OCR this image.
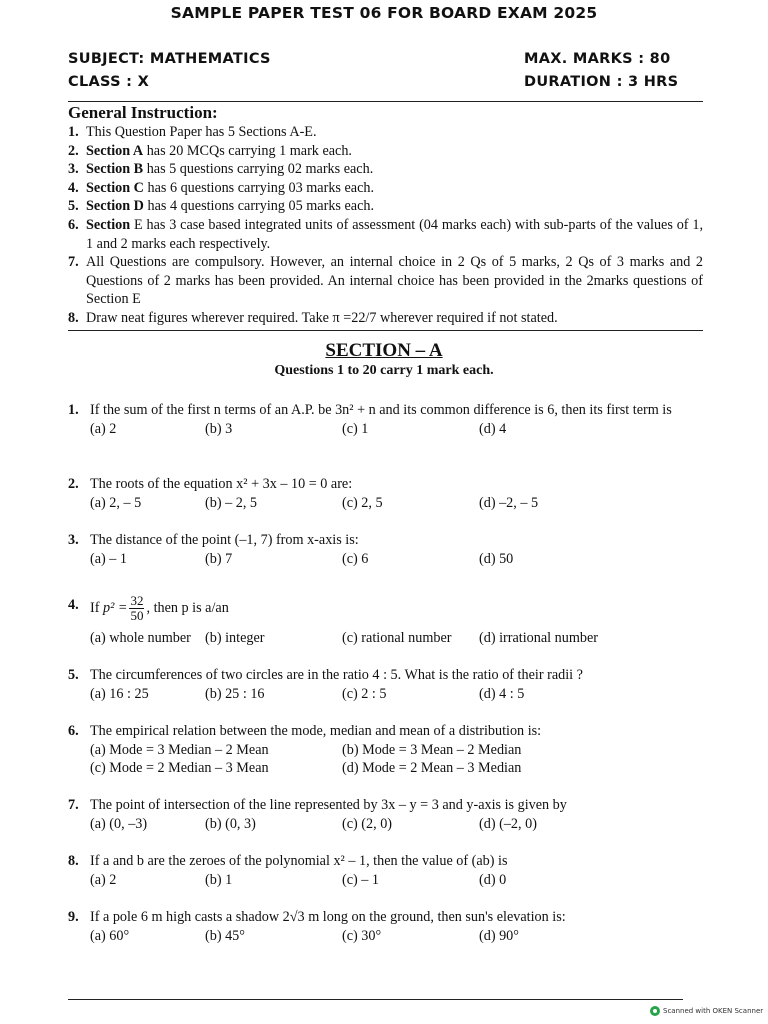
SAMPLE PAPER TEST 06 FOR BOARD EXAM 2025
SUBJECT: MATHEMATICS	MAX. MARKS : 80
CLASS : X	DURATION : 3 HRS
General Instruction:
1. This Question Paper has 5 Sections A-E.
2. Section A has 20 MCQs carrying 1 mark each.
3. Section B has 5 questions carrying 02 marks each.
4. Section C has 6 questions carrying 03 marks each.
5. Section D has 4 questions carrying 05 marks each.
6. Section E has 3 case based integrated units of assessment (04 marks each) with sub-parts of the values of 1, 1 and 2 marks each respectively.
7. All Questions are compulsory. However, an internal choice in 2 Qs of 5 marks, 2 Qs of 3 marks and 2 Questions of 2 marks has been provided. An internal choice has been provided in the 2marks questions of Section E
8. Draw neat figures wherever required. Take π =22/7 wherever required if not stated.
SECTION – A
Questions 1 to 20 carry 1 mark each.
1. If the sum of the first n terms of an A.P. be 3n² + n and its common difference is 6, then its first term is
(a) 2	(b) 3	(c) 1	(d) 4
2. The roots of the equation x² + 3x – 10 = 0 are:
(a) 2, – 5	(b) – 2, 5	(c) 2, 5	(d) –2, – 5
3. The distance of the point (–1, 7) from x-axis is:
(a) – 1	(b) 7	(c) 6	(d) 50
4. If $p^2 = \frac{32}{50}$ , then p is a/an
(a) whole number (b) integer	(c) rational number (d) irrational number
5. The circumferences of two circles are in the ratio 4 : 5. What is the ratio of their radii ?
(a) 16 : 25	(b) 25 : 16	(c) 2 : 5	(d) 4 : 5
6. The empirical relation between the mode, median and mean of a distribution is:
(a) Mode = 3 Median – 2 Mean	(b) Mode = 3 Mean – 2 Median
(c) Mode = 2 Median – 3 Mean	(d) Mode = 2 Mean – 3 Median
7. The point of intersection of the line represented by 3x – y = 3 and y-axis is given by
(a) (0, –3)	(b) (0, 3)	(c) (2, 0)	(d) (–2, 0)
8. If a and b are the zeroes of the polynomial x² – 1, then the value of (ab) is
(a) 2	(b) 1	(c) – 1	(d) 0
9. If a pole 6 m high casts a shadow 2√3 m long on the ground, then sun's elevation is:
(a) 60°	(b) 45°	(c) 30°	(d) 90°
Scanned with OKEN Scanner
